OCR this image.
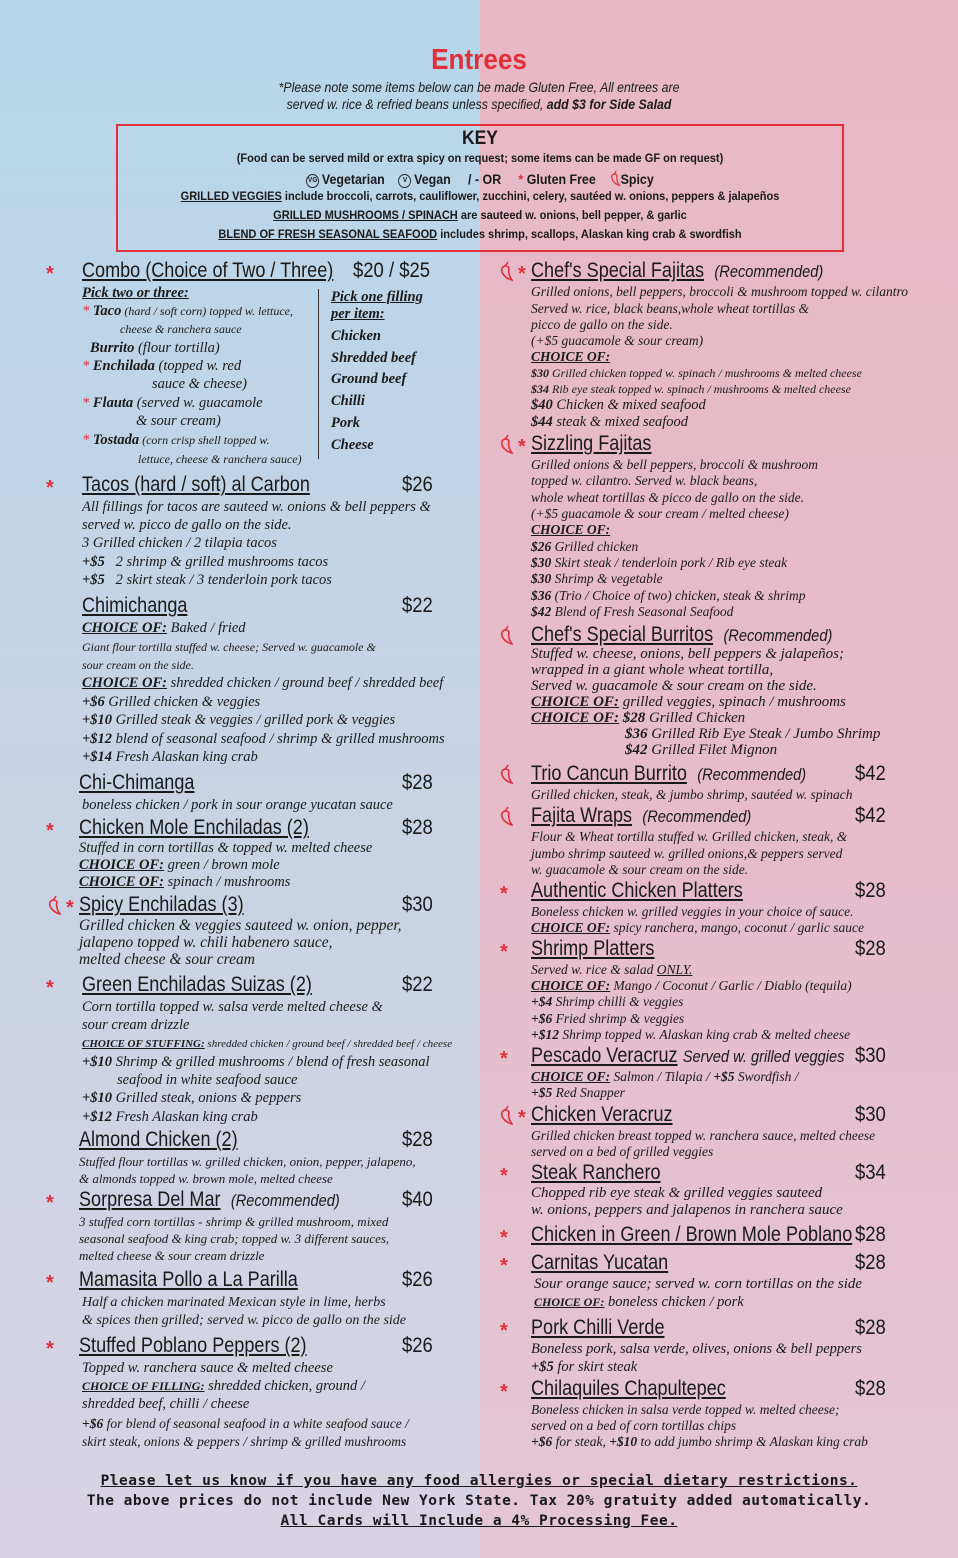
Entrees
*Please note some items below can be made Gluten Free, All entrees are
served w. rice & refried beans unless specified, add $3 for Side Salad
KEY
(Food can be served mild or extra spicy on request; some items can be made GF on request)
VG Vegetarian	V Vegan / - OR * Gluten Free Spicy
GRILLED VEGGIES include broccoli, carrots, cauliflower, zucchini, celery, sautéed w. onions, peppers & jalapeños
GRILLED MUSHROOMS / SPINACH are sauteed w. onions, bell pepper, & garlic
BLEND OF FRESH SEASONAL SEAFOOD includes shrimp, scallops, Alaskan king crab & swordfish
* Combo (Choice of Two / Three) $20 / $25
Pick two or three:
* Taco (hard / soft corn) topped w. lettuce,
cheese & ranchera sauce
Burrito (flour tortilla)
* Enchilada (topped w. red
sauce & cheese)
* Flauta (served w. guacamole
& sour cream)
* Tostada (corn crisp shell topped w.
lettuce, cheese & ranchera sauce)
Pick one filling
per item:
Chicken
Shredded beef
Ground beef
Chilli
Pork
Cheese
* Tacos (hard / soft) al Carbon	$26
All fillings for tacos are sauteed w. onions & bell peppers &
served w. picco de gallo on the side.
3 Grilled chicken / 2 tilapia tacos
+$5 2 shrimp & grilled mushrooms tacos
+$5 2 skirt steak / 3 tenderloin pork tacos
Chimichanga	$22
CHOICE OF: Baked / fried
Giant flour tortilla stuffed w. cheese; Served w. guacamole &
sour cream on the side.
CHOICE OF: shredded chicken / ground beef / shredded beef
+$6 Grilled chicken & veggies
+$10 Grilled steak & veggies / grilled pork & veggies
+$12 blend of seasonal seafood / shrimp & grilled mushrooms
+$14 Fresh Alaskan king crab
Chi-Chimanga	$28
boneless chicken / pork in sour orange yucatan sauce
* Chicken Mole Enchiladas (2)	$28
Stuffed in corn tortillas & topped w. melted cheese
CHOICE OF: green / brown mole
CHOICE OF: spinach / mushrooms
* Spicy Enchiladas (3)	$30
Grilled chicken & veggies sauteed w. onion, pepper,
jalapeno topped w. chili habenero sauce,
melted cheese & sour cream
* Green Enchiladas Suizas (2)	$22
Corn tortilla topped w. salsa verde melted cheese &
sour cream drizzle
CHOICE OF STUFFING: shredded chicken / ground beef / shredded beef / cheese
+$10 Shrimp & grilled mushrooms / blend of fresh seasonal
seafood in white seafood sauce
+$10 Grilled steak, onions & peppers
+$12 Fresh Alaskan king crab
Almond Chicken (2)	$28
Stuffed flour tortillas w. grilled chicken, onion, pepper, jalapeno,
& almonds topped w. brown mole, melted cheese
* Sorpresa Del Mar (Recommended)	$40
3 stuffed corn tortillas - shrimp & grilled mushroom, mixed
seasonal seafood & king crab; topped w. 3 different sauces,
melted cheese & sour cream drizzle
* Mamasita Pollo a La Parilla	$26
Half a chicken marinated Mexican style in lime, herbs
& spices then grilled; served w. picco de gallo on the side
* Stuffed Poblano Peppers (2)	$26
Topped w. ranchera sauce & melted cheese
CHOICE OF FILLING: shredded chicken, ground /
shredded beef, chilli / cheese
+$6 for blend of seasonal seafood in a white seafood sauce /
skirt steak, onions & peppers / shrimp & grilled mushrooms
* Chef's Special Fajitas (Recommended)
Grilled onions, bell peppers, broccoli & mushroom topped w. cilantro
Served w. rice, black beans,whole wheat tortillas &
picco de gallo on the side.
(+$5 guacamole & sour cream)
CHOICE OF:
$30 Grilled chicken topped w. spinach / mushrooms & melted cheese
$34 Rib eye steak topped w. spinach / mushrooms & melted cheese
$40 Chicken & mixed seafood
$44 steak & mixed seafood
* Sizzling Fajitas
Grilled onions & bell peppers, broccoli & mushroom
topped w. cilantro. Served w. black beans,
whole wheat tortillas & picco de gallo on the side.
(+$5 guacamole & sour cream / melted cheese)
CHOICE OF:
$26 Grilled chicken
$30 Skirt steak / tenderloin pork / Rib eye steak
$30 Shrimp & vegetable
$36 (Trio / Choice of two) chicken, steak & shrimp
$42 Blend of Fresh Seasonal Seafood
Chef's Special Burritos (Recommended)
Stuffed w. cheese, onions, bell peppers & jalapeños;
wrapped in a giant whole wheat tortilla,
Served w. guacamole & sour cream on the side.
CHOICE OF: grilled veggies, spinach / mushrooms
CHOICE OF: $28 Grilled Chicken
$36 Grilled Rib Eye Steak / Jumbo Shrimp
$42 Grilled Filet Mignon
Trio Cancun Burrito (Recommended) $42
Grilled chicken, steak, & jumbo shrimp, sautéed w. spinach
Fajita Wraps (Recommended)	$42
Flour & Wheat tortilla stuffed w. Grilled chicken, steak, &
jumbo shrimp sauteed w. grilled onions,& peppers served
w. guacamole & sour cream on the side.
* Authentic Chicken Platters	$28
Boneless chicken w. grilled veggies in your choice of sauce.
CHOICE OF: spicy ranchera, mango, coconut / garlic sauce
* Shrimp Platters	$28
Served w. rice & salad ONLY.
CHOICE OF: Mango / Coconut / Garlic / Diablo (tequila)
+$4 Shrimp chilli & veggies
+$6 Fried shrimp & veggies
+$12 Shrimp topped w. Alaskan king crab & melted cheese
* Pescado Veracruz Served w. grilled veggies $30
CHOICE OF: Salmon / Tilapia / +$5 Swordfish /
+$5 Red Snapper
* Chicken Veracruz	$30
Grilled chicken breast topped w. ranchera sauce, melted cheese
served on a bed of grilled veggies
* Steak Ranchero	$34
Chopped rib eye steak & grilled veggies sauteed
w. onions, peppers and jalapenos in ranchera sauce
* Chicken in Green / Brown Mole Poblano $28
* Carnitas Yucatan	$28
Sour orange sauce; served w. corn tortillas on the side
CHOICE OF: boneless chicken / pork
* Pork Chilli Verde	$28
Boneless pork, salsa verde, olives, onions & bell peppers
+$5 for skirt steak
* Chilaquiles Chapultepec	$28
Boneless chicken in salsa verde topped w. melted cheese;
served on a bed of corn tortillas chips
+$6 for steak, +$10 to add jumbo shrimp & Alaskan king crab
Please let us know if you have any food allergies or special dietary restrictions.
The above prices do not include New York State. Tax 20% gratuity added automatically.
All Cards will Include a 4% Processing Fee.
